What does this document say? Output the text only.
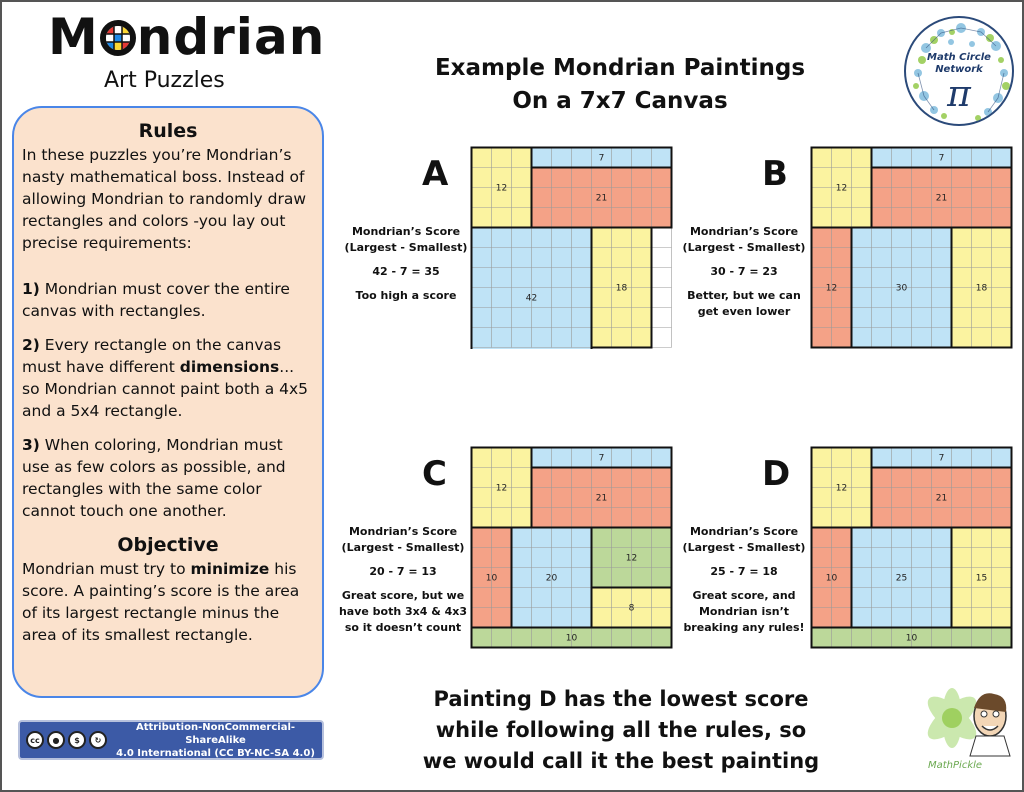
M ndrian
Art Puzzles
Rules

In these puzzles you’re Mondrian’s nasty mathematical boss. Instead of allowing Mondrian to randomly draw rectangles and colors -you lay out precise requirements:

1) Mondrian must cover the entire canvas with rectangles.

2) Every rectangle on the canvas must have different dimensions... so Mondrian cannot paint both a 4x5 and a 5x4 rectangle.

3) When coloring, Mondrian must use as few colors as possible, and rectangles with the same color cannot touch one another.

Objective

Mondrian must try to minimize his score. A painting’s score is the area of its largest rectangle minus the area of its smallest rectangle.

cc	●	$	↻
Attribution-NonCommercial-ShareAlike
4.0 International (CC BY-NC-SA 4.0)
Example Mondrian Paintings
On a 7x7 Canvas
Math Circle
Network
π
A
Mondrian’s Score
(Largest - Smallest)
42 - 7 = 35
Too high a score
12
7
21
42
18
B
Mondrian’s Score
(Largest - Smallest)
30 - 7 = 23
Better, but we can
get even lower
12
7
21
12	30	18
C
Mondrian’s Score
(Largest - Smallest)
20 - 7 = 13
Great score, but we
have both 3x4 & 4x3
so it doesn’t count
12
7
21
10	20
12
8
10
D
Mondrian’s Score
(Largest - Smallest)
25 - 7 = 18
Great score, and
Mondrian isn’t
breaking any rules!
12
7
21
10	25	15
10
Painting D has the lowest score
while following all the rules, so
we would call it the best painting	MathPickle
